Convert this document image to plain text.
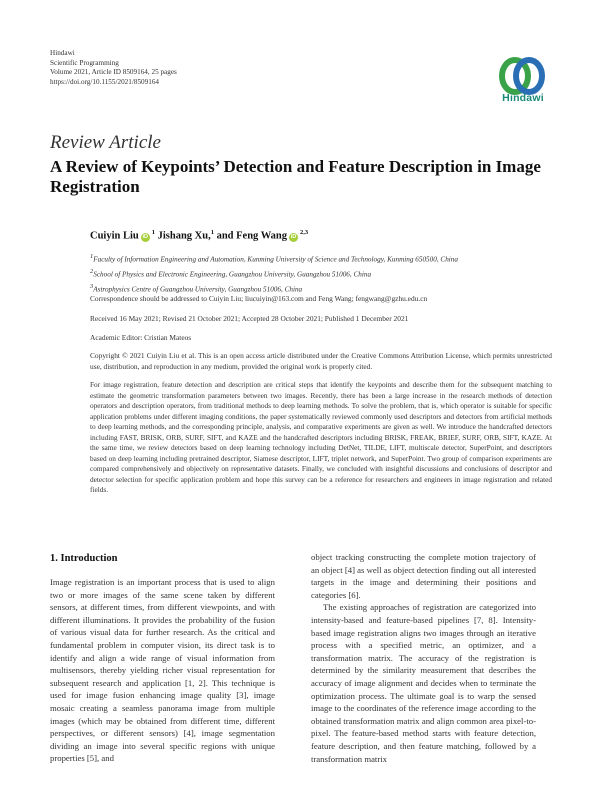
Hindawi
Scientific Programming
Volume 2021, Article ID 8509164, 25 pages
https://doi.org/10.1155/2021/8509164
Hindawi
Review Article
A Review of Keypoints’ Detection and Feature Description in Image Registration
Cuiyin Liu $iD^1$ Jishang Xu,$^1$ and Feng Wang iD$^{2,3}$
$^1$Faculty of Information Engineering and Automation, Kunming University of Science and Technology, Kunming 650500, China
$^2$School of Physics and Electronic Engineering, Guangzhou University, Guangzhou 51006, China
$^3$Astrophysics Centre of Guangzhou University, Guangzhou 51006, China
Correspondence should be addressed to Cuiyin Liu; liucuiyin@163.com and Feng Wang; fengwang@gzhu.edu.cn
Received 16 May 2021; Revised 21 October 2021; Accepted 28 October 2021; Published 1 December 2021
Academic Editor: Cristian Mateos
Copyright © 2021 Cuiyin Liu et al. This is an open access article distributed under the Creative Commons Attribution License, which permits unrestricted use, distribution, and reproduction in any medium, provided the original work is properly cited.
For image registration, feature detection and description are critical steps that identify the keypoints and describe them for the subsequent matching to estimate the geometric transformation parameters between two images. Recently, there has been a large increase in the research methods of detection operators and description operators, from traditional methods to deep learning methods. To solve the problem, that is, which operator is suitable for specific application problems under different imaging conditions, the paper systematically reviewed commonly used descriptors and detectors from artificial methods to deep learning methods, and the corresponding principle, analysis, and comparative experiments are given as well. We introduce the handcrafted detectors including FAST, BRISK, ORB, SURF, SIFT, and KAZE and the handcrafted descriptors including BRISK, FREAK, BRIEF, SURF, ORB, SIFT, KAZE. At the same time, we review detectors based on deep learning technology including DetNet, TILDE, LIFT, multiscale detector, SuperPoint, and descriptors based on deep learning including pretrained descriptor, Siamese descriptor, LIFT, triplet network, and SuperPoint. Two group of comparison experiments are compared comprehensively and objectively on representative datasets. Finally, we concluded with insightful discussions and conclusions of descriptor and detector selection for specific application problem and hope this survey can be a reference for researchers and engineers in image registration and related fields.
1. Introduction

Image registration is an important process that is used to align two or more images of the same scene taken by different sensors, at different times, from different viewpoints, and with different illuminations. It provides the probability of the fusion of various visual data for further research. As the critical and fundamental problem in computer vision, its direct task is to identify and align a wide range of visual information from multisensors, thereby yielding richer visual representation for subsequent research and application [1, 2]. This technique is used for image fusion enhancing image quality [3], image mosaic creating a seamless panorama image from multiple images (which may be obtained from different time, different perspectives, or different sensors) [4], image segmentation dividing an image into several specific regions with unique properties [5], and

object tracking constructing the complete motion trajectory of an object [4] as well as object detection finding out all interested targets in the image and determining their positions and categories [6].

The existing approaches of registration are categorized into intensity-based and feature-based pipelines [7, 8]. Intensity-based image registration aligns two images through an iterative process with a specified metric, an optimizer, and a transformation matrix. The accuracy of the registration is determined by the similarity measurement that describes the accuracy of image alignment and decides when to terminate the optimization process. The ultimate goal is to warp the sensed image to the coordinates of the reference image according to the obtained transformation matrix and align common area pixel-to-pixel. The feature-based method starts with feature detection, feature description, and then feature matching, followed by a transformation matrix
